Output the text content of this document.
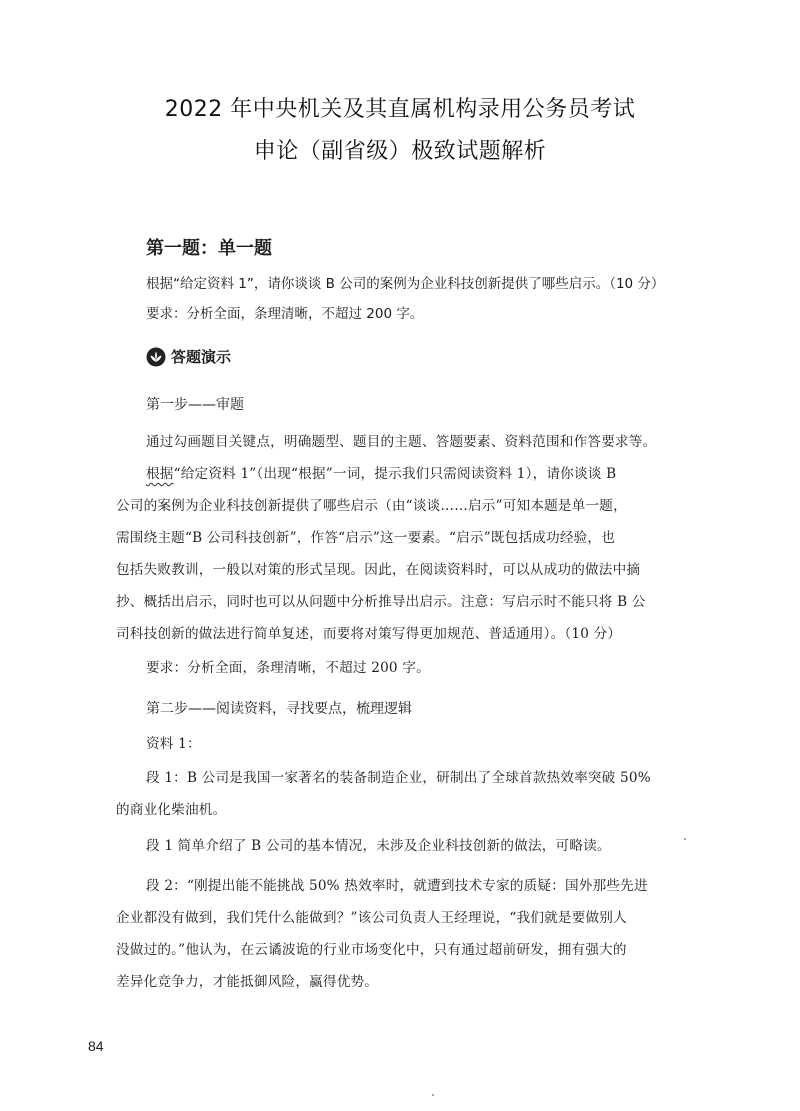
2022 年中央机关及其直属机构录用公务员考试
申论（副省级）极致试题解析
第一题：单一题
根据“给定资料 1”，请你谈谈 B 公司的案例为企业科技创新提供了哪些启示。（10 分）
要求：分析全面，条理清晰，不超过 200 字。
答题演示
第一步——审题
通过勾画题目关键点，明确题型、题目的主题、答题要素、资料范围和作答要求等。
根据“给定资料 1”（出现“根据”一词，提示我们只需阅读资料 1），请你谈谈 B
公司的案例为企业科技创新提供了哪些启示（由“谈谈……启示”可知本题是单一题，
需围绕主题“B 公司科技创新”，作答“启示”这一要素。“启示”既包括成功经验，也
包括失败教训，一般以对策的形式呈现。因此，在阅读资料时，可以从成功的做法中摘
抄、概括出启示，同时也可以从问题中分析推导出启示。注意：写启示时不能只将 B 公
司科技创新的做法进行简单复述，而要将对策写得更加规范、普适通用）。（10 分）
要求：分析全面，条理清晰，不超过 200 字。
第二步——阅读资料，寻找要点，梳理逻辑
资料 1：
段 1：B 公司是我国一家著名的装备制造企业，研制出了全球首款热效率突破 50%
的商业化柴油机。
段 1 简单介绍了 B 公司的基本情况，未涉及企业科技创新的做法，可略读。
段 2：“刚提出能不能挑战 50% 热效率时，就遭到技术专家的质疑：国外那些先进
企业都没有做到，我们凭什么能做到？”该公司负责人王经理说，“我们就是要做别人
没做过的。”他认为，在云谲波诡的行业市场变化中，只有通过超前研发，拥有强大的
差异化竞争力，才能抵御风险，赢得优势。
84
